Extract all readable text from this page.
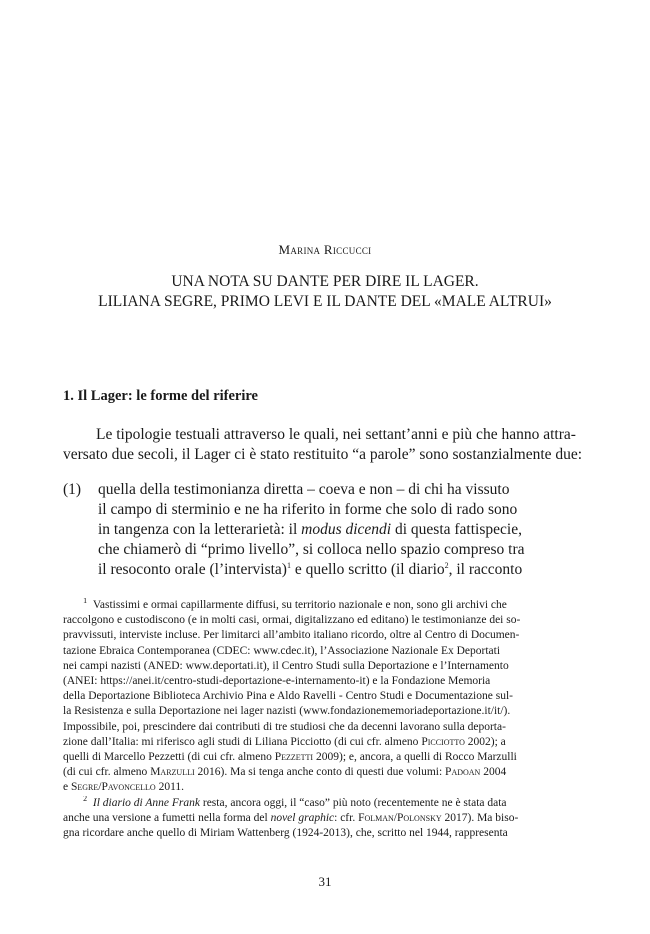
Marina Riccucci
UNA NOTA SU DANTE PER DIRE IL LAGER.
LILIANA SEGRE, PRIMO LEVI E IL DANTE DEL «MALE ALTRUI»
1. Il Lager: le forme del riferire
Le tipologie testuali attraverso le quali, nei settant’anni e più che hanno attra-
versato due secoli, il Lager ci è stato restituito “a parole” sono sostanzialmente due:
(1) quella della testimonianza diretta – coeva e non – di chi ha vissuto
il campo di sterminio e ne ha riferito in forme che solo di rado sono
in tangenza con la letterarietà: il modus dicendi di questa fattispecie,
che chiamerò di “primo livello”, si colloca nello spazio compreso tra
il resoconto orale (l’intervista)$^1$ e quello scritto (il diario$^2$, il racconto
$^1$ Vastissimi e ormai capillarmente diffusi, su territorio nazionale e non, sono gli archivi che
raccolgono e custodiscono (e in molti casi, ormai, digitalizzano ed editano) le testimonianze dei so-
pravvissuti, interviste incluse. Per limitarci all’ambito italiano ricordo, oltre al Centro di Documen-
tazione Ebraica Contemporanea (CDEC: www.cdec.it), l’Associazione Nazionale Ex Deportati
nei campi nazisti (ANED: www.deportati.it), il Centro Studi sulla Deportazione e l’Internamento
(ANEI: https://anei.it/centro-studi-deportazione-e-internamento-it) e la Fondazione Memoria
della Deportazione Biblioteca Archivio Pina e Aldo Ravelli - Centro Studi e Documentazione sul-
la Resistenza e sulla Deportazione nei lager nazisti (www.fondazionememoriadeportazione.it/it/).
Impossibile, poi, prescindere dai contributi di tre studiosi che da decenni lavorano sulla deporta-
zione dall’Italia: mi riferisco agli studi di Liliana Picciotto (di cui cfr. almeno Picciotto 2002); a
quelli di Marcello Pezzetti (di cui cfr. almeno Pezzetti 2009); e, ancora, a quelli di Rocco Marzulli
(di cui cfr. almeno Marzulli 2016). Ma si tenga anche conto di questi due volumi: Padoan 2004
e Segre/Pavoncello 2011.
$^2$ Il diario di Anne Frank resta, ancora oggi, il “caso” più noto (recentemente ne è stata data
anche una versione a fumetti nella forma del novel graphic: cfr. Folman/Polonsky 2017). Ma biso-
gna ricordare anche quello di Miriam Wattenberg (1924-2013), che, scritto nel 1944, rappresenta
31
